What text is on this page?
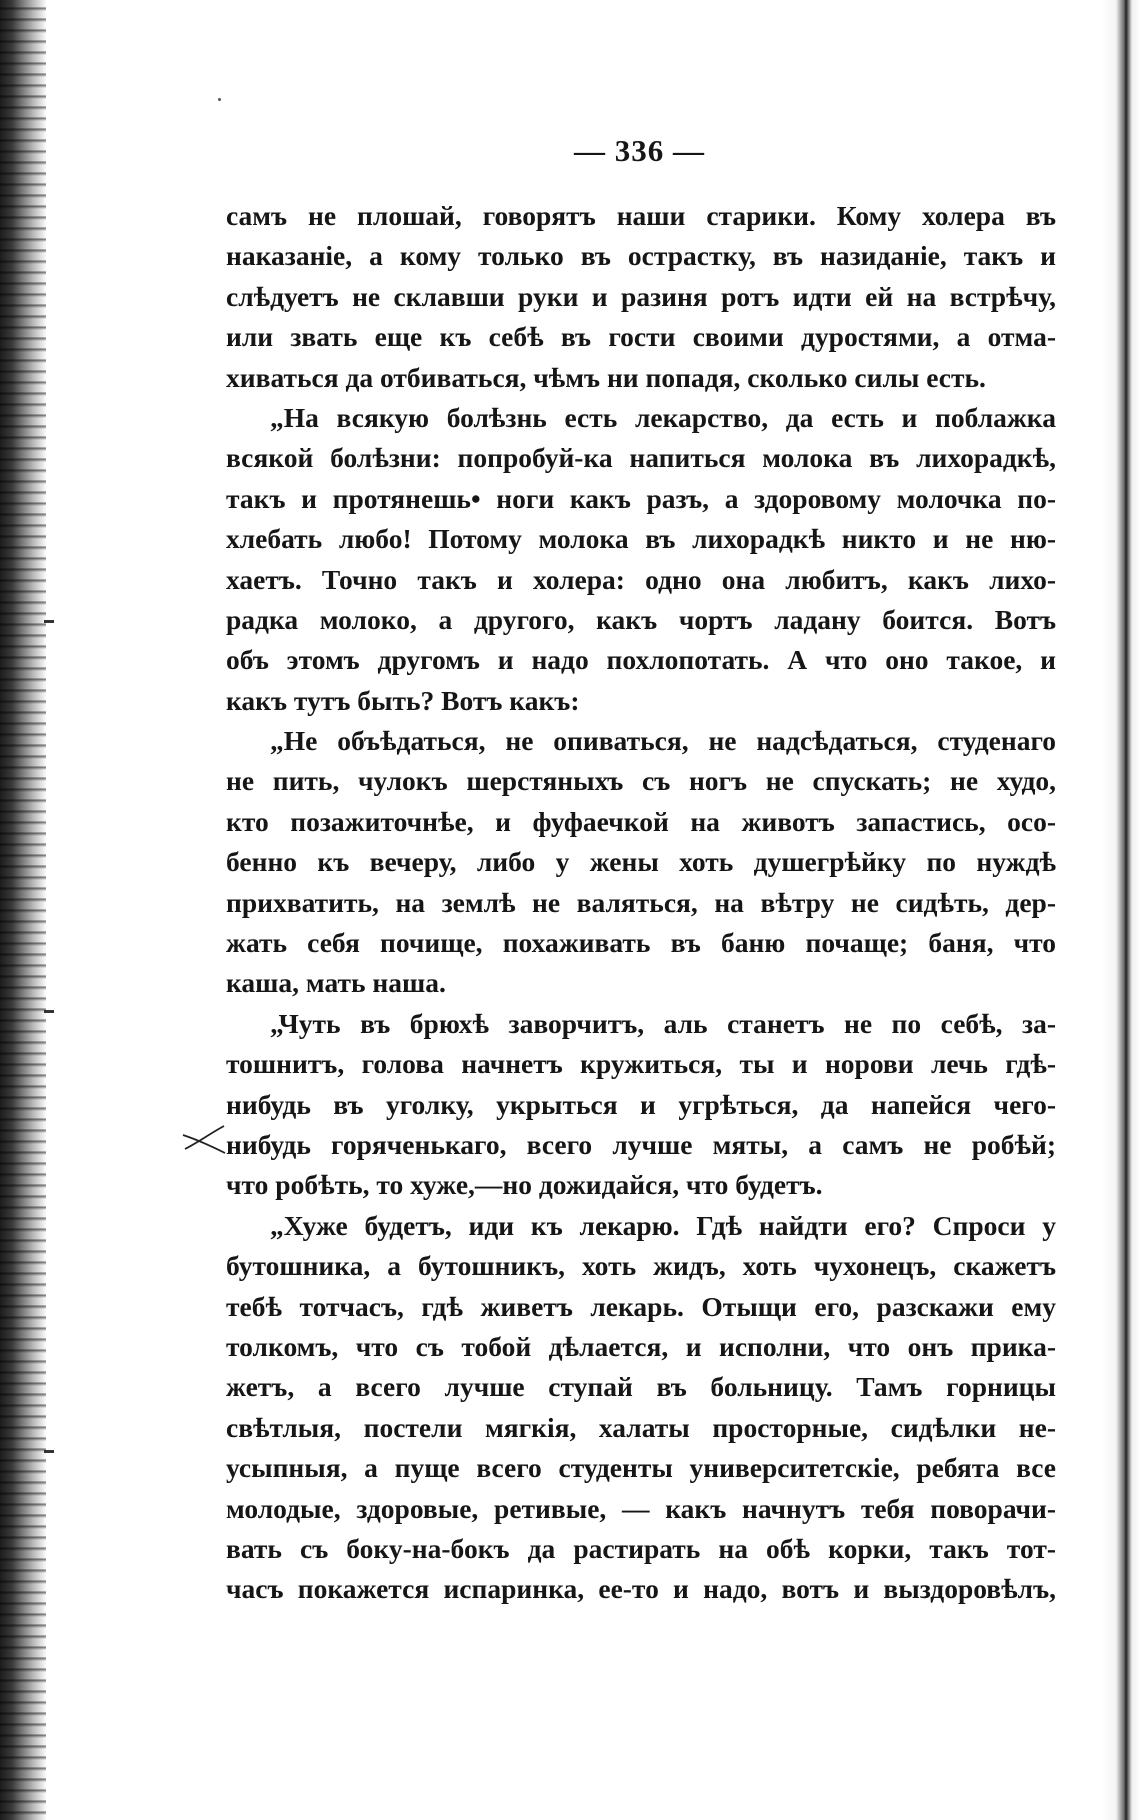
— 336 —

самъ не плошай, говорятъ наши старики. Кому холера въ
наказаніе, а кому только въ острастку, въ назиданіе, такъ и
слѣдуетъ не склавши руки и разиня ротъ идти ей на встрѣчу,
или звать еще къ себѣ въ гости своими дуростями, а отма-
хиваться да отбиваться, чѣмъ ни попадя, сколько силы есть.
„На всякую болѣзнь есть лекарство, да есть и поблажка
всякой болѣзни: попробуй-ка напиться молока въ лихорадкѣ,
такъ и протянешь• ноги какъ разъ, а здоровому молочка по-
хлебать любо! Потому молока въ лихорадкѣ никто и не ню-
хаетъ. Точно такъ и холера: одно она любитъ, какъ лихо-
радка молоко, а другого, какъ чортъ ладану боится. Вотъ
объ этомъ другомъ и надо похлопотать. А что оно такое, и
какъ тутъ быть? Вотъ какъ:
„Не объѣдаться, не опиваться, не надсѣдаться, студенаго
не пить, чулокъ шерстяныхъ съ ногъ не спускать; не худо,
кто позажиточнѣе, и фуфаечкой на животъ запастись, осо-
бенно къ вечеру, либо у жены хоть душегрѣйку по нуждѣ
прихватить, на землѣ не валяться, на вѣтру не сидѣть, дер-
жать себя почище, похаживать въ баню почаще; баня, что
каша, мать наша.
„Чуть въ брюхѣ заворчитъ, аль станетъ не по себѣ, за-
тошнитъ, голова начнетъ кружиться, ты и норови лечь гдѣ-
нибудь въ уголку, укрыться и угрѣться, да напейся чего-
нибудь горяченькаго, всего лучше мяты, а самъ не робѣй;
что робѣть, то хуже,—но дожидайся, что будетъ.
„Хуже будетъ, иди къ лекарю. Гдѣ найдти его? Спроси у
бутошника, а бутошникъ, хоть жидъ, хоть чухонецъ, скажетъ
тебѣ тотчасъ, гдѣ живетъ лекарь. Отыщи его, разскажи ему
толкомъ, что съ тобой дѣлается, и исполни, что онъ прика-
жетъ, а всего лучше ступай въ больницу. Тамъ горницы
свѣтлыя, постели мягкія, халаты просторные, сидѣлки не-
усыпныя, а пуще всего студенты университетскіе, ребята все
молодые, здоровые, ретивые, — какъ начнутъ тебя поворачи-
вать съ боку-на-бокъ да растирать на обѣ корки, такъ тот-
часъ покажется испаринка, ее-то и надо, вотъ и выздоровѣлъ,
